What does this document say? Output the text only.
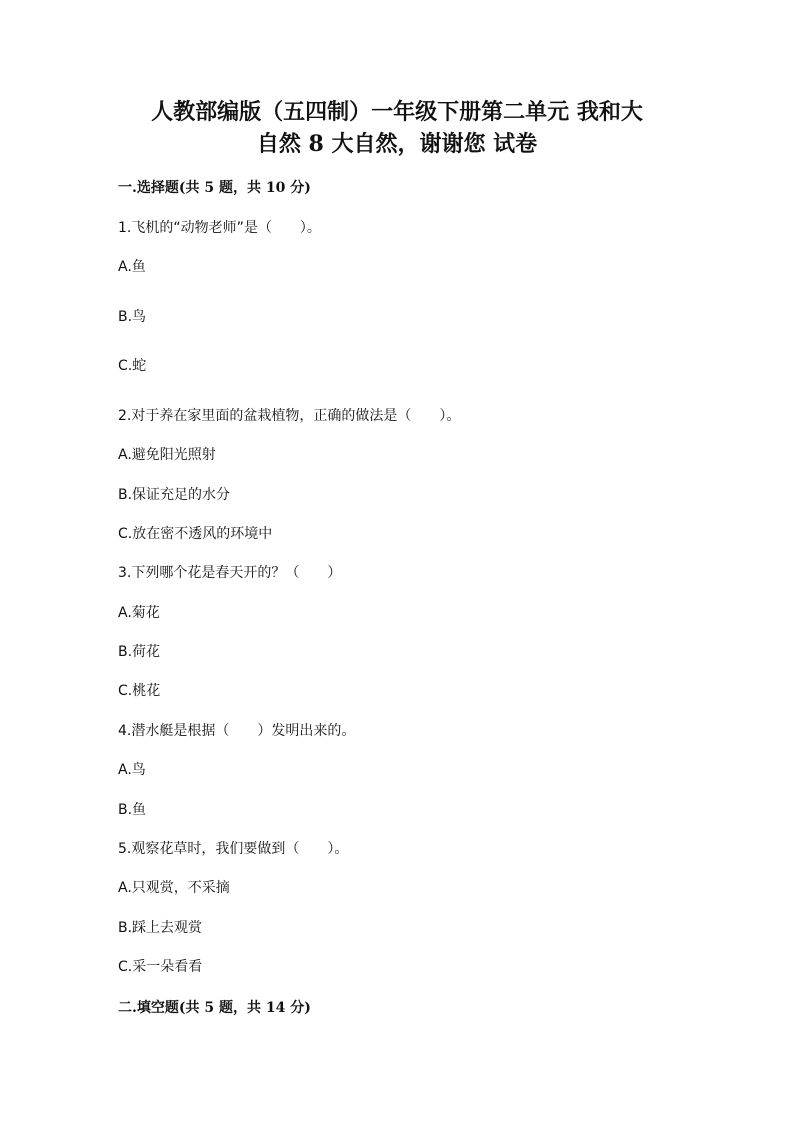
人教部编版（五四制）一年级下册第二单元 我和大
自然 8 大自然，谢谢您 试卷

一.选择题(共 5 题，共 10 分)

1.飞机的“动物老师”是（　　）。

A.鱼

B.鸟

C.蛇

2.对于养在家里面的盆栽植物，正确的做法是（　　）。

A.避免阳光照射

B.保证充足的水分

C.放在密不透风的环境中

3.下列哪个花是春天开的？（　　）

A.菊花

B.荷花

C.桃花

4.潜水艇是根据（　　）发明出来的。

A.鸟

B.鱼

5.观察花草时，我们要做到（　　）。

A.只观赏，不采摘

B.踩上去观赏

C.采一朵看看

二.填空题(共 5 题，共 14 分)
